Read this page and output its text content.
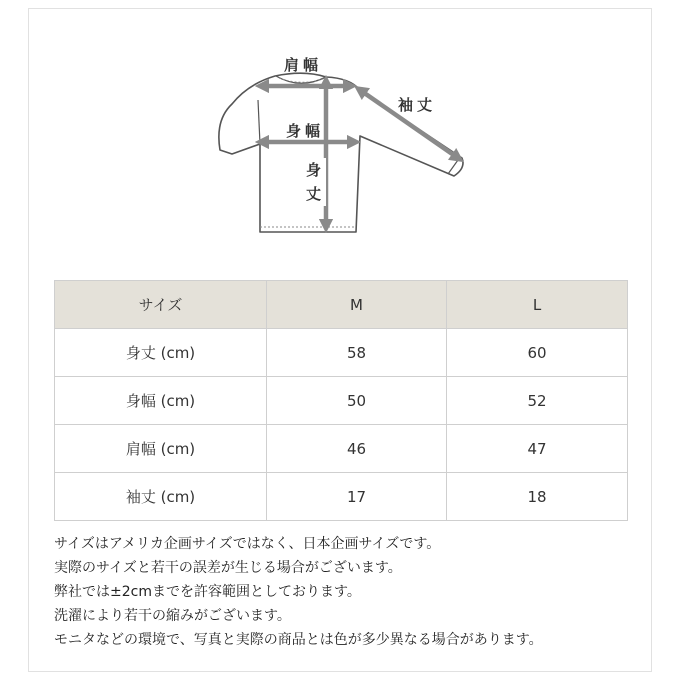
肩幅
袖丈
身幅
身丈
サイズ	M	L
身丈 (cm)	58	60
身幅 (cm)	50	52
肩幅 (cm)	46	47
袖丈 (cm)	17	18

サイズはアメリカ企画サイズではなく、日本企画サイズです。

実際のサイズと若干の誤差が生じる場合がございます。

弊社では±2cmまでを許容範囲としております。

洗濯により若干の縮みがございます。

モニタなどの環境で、写真と実際の商品とは色が多少異なる場合があります。
